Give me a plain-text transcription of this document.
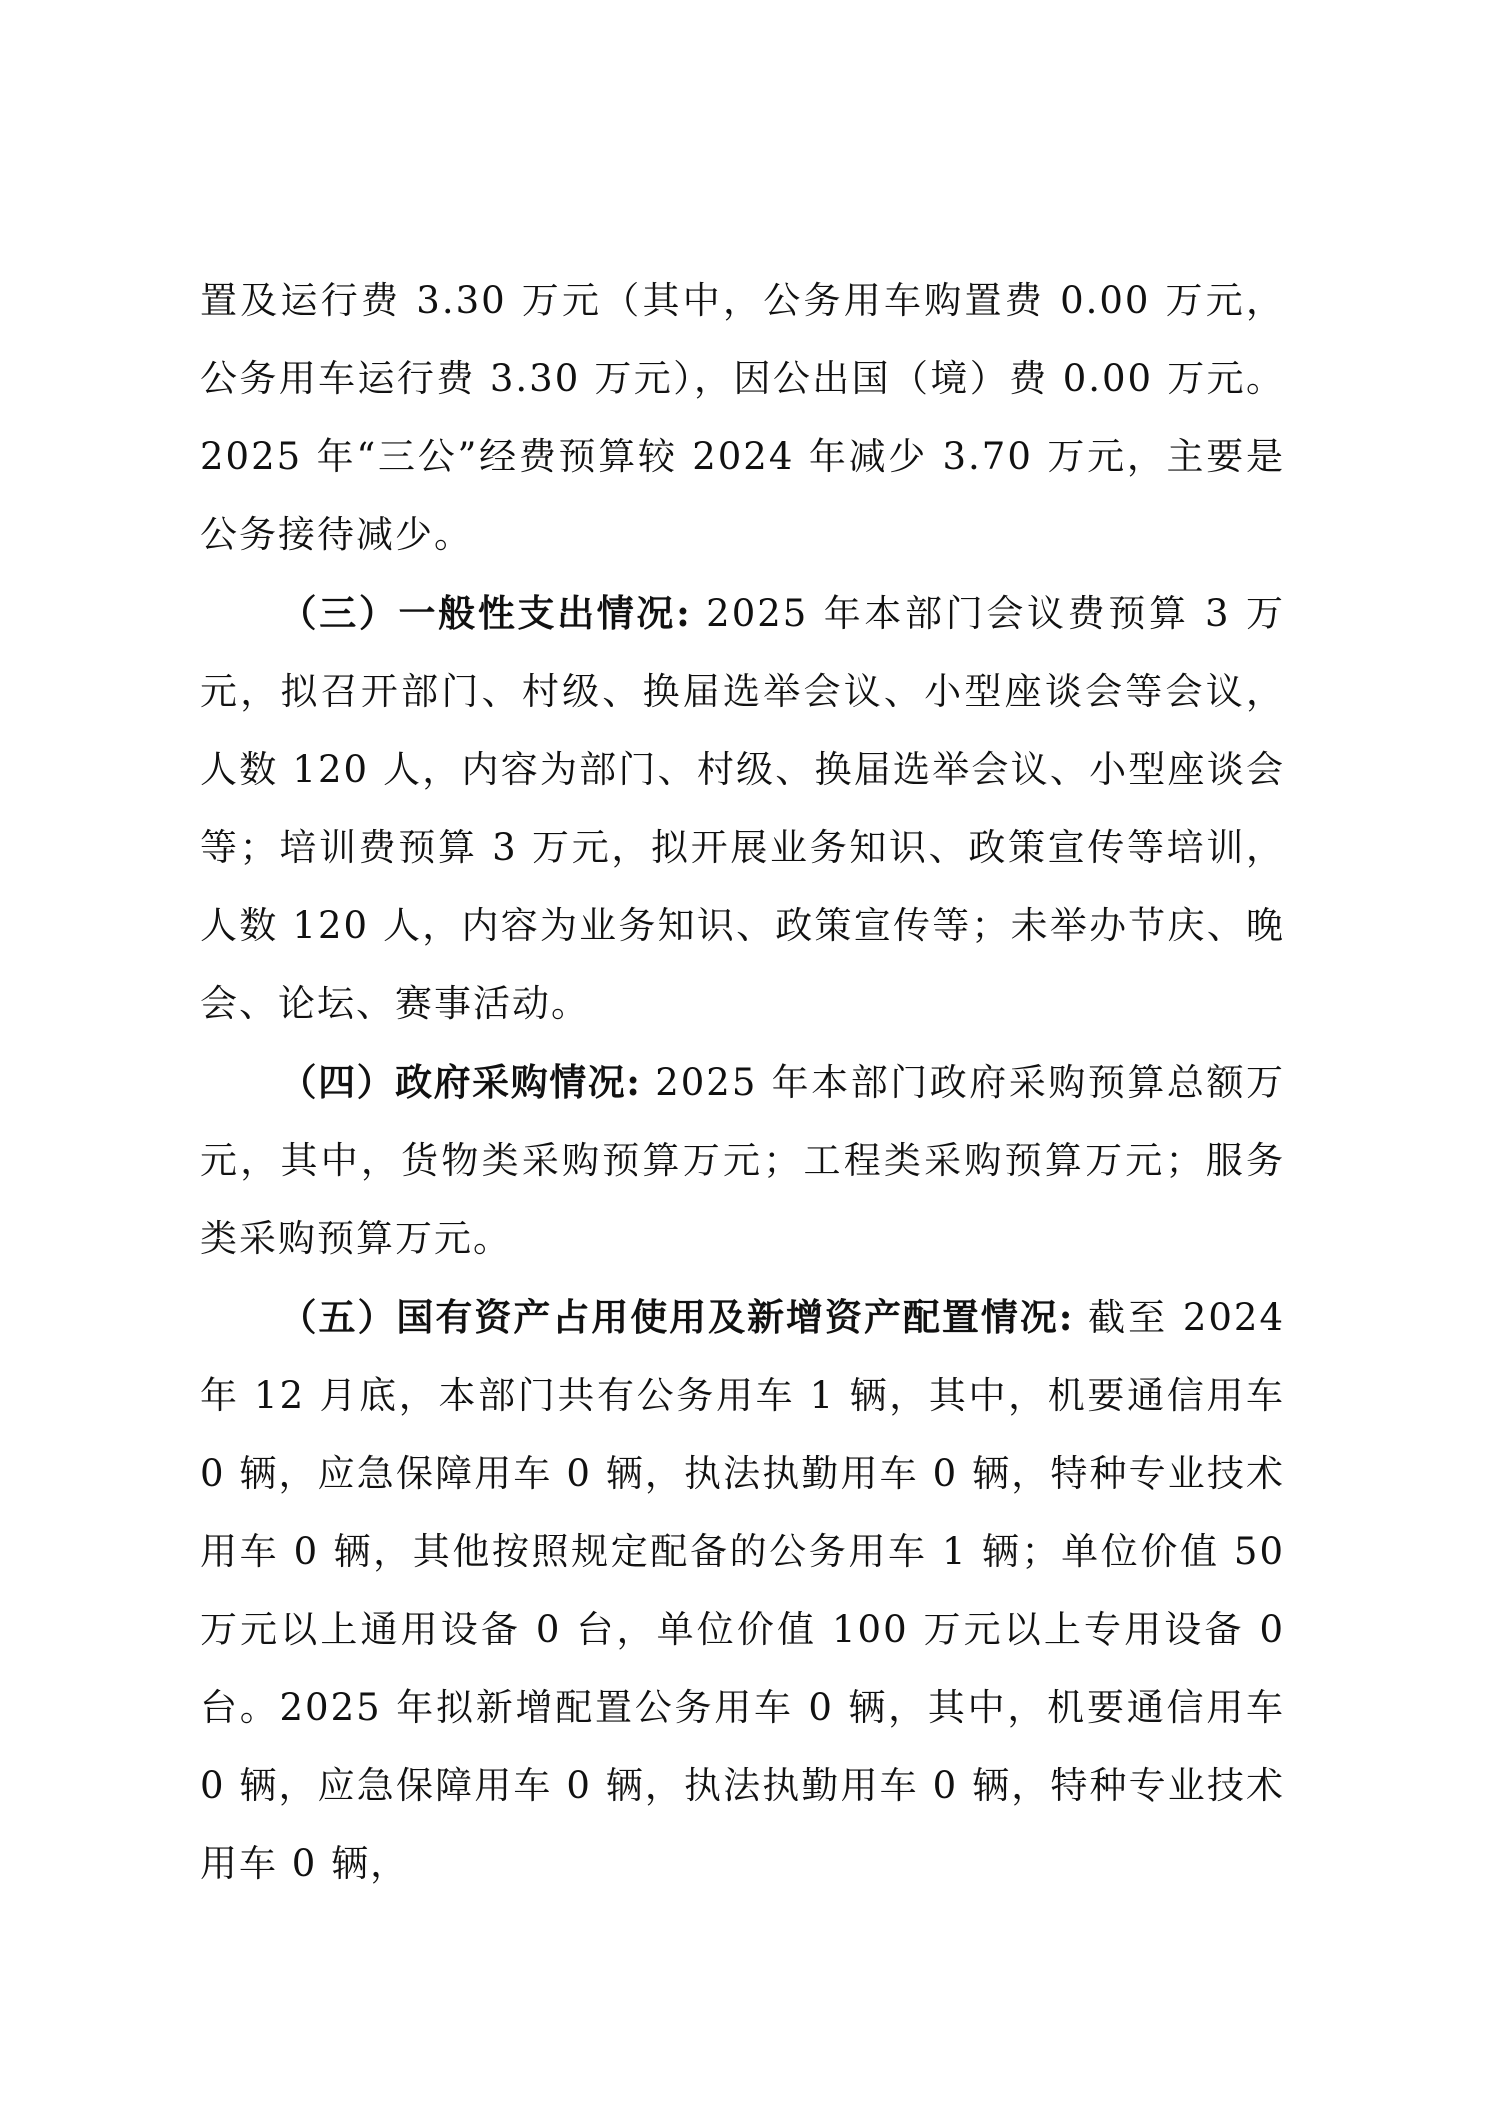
置及运行费 3.30 万元（其中，公务用车购置费 0.00 万元，公务用车运行费 3.30 万元），因公出国（境）费 0.00 万元。2025 年“三公”经费预算较 2024 年减少 3.70 万元，主要是公务接待减少。

（三）一般性支出情况: 2025 年本部门会议费预算 3 万元，拟召开部门、村级、换届选举会议、小型座谈会等会议，人数 120 人，内容为部门、村级、换届选举会议、小型座谈会等；培训费预算 3 万元，拟开展业务知识、政策宣传等培训，人数 120 人，内容为业务知识、政策宣传等；未举办节庆、晚会、论坛、赛事活动。

（四）政府采购情况: 2025 年本部门政府采购预算总额万元，其中，货物类采购预算万元；工程类采购预算万元；服务类采购预算万元。

（五）国有资产占用使用及新增资产配置情况: 截至 2024 年 12 月底，本部门共有公务用车 1 辆，其中，机要通信用车 0 辆，应急保障用车 0 辆，执法执勤用车 0 辆，特种专业技术用车 0 辆，其他按照规定配备的公务用车 1 辆；单位价值 50 万元以上通用设备 0 台，单位价值 100 万元以上专用设备 0 台。2025 年拟新增配置公务用车 0 辆，其中，机要通信用车 0 辆，应急保障用车 0 辆，执法执勤用车 0 辆，特种专业技术用车 0 辆，
